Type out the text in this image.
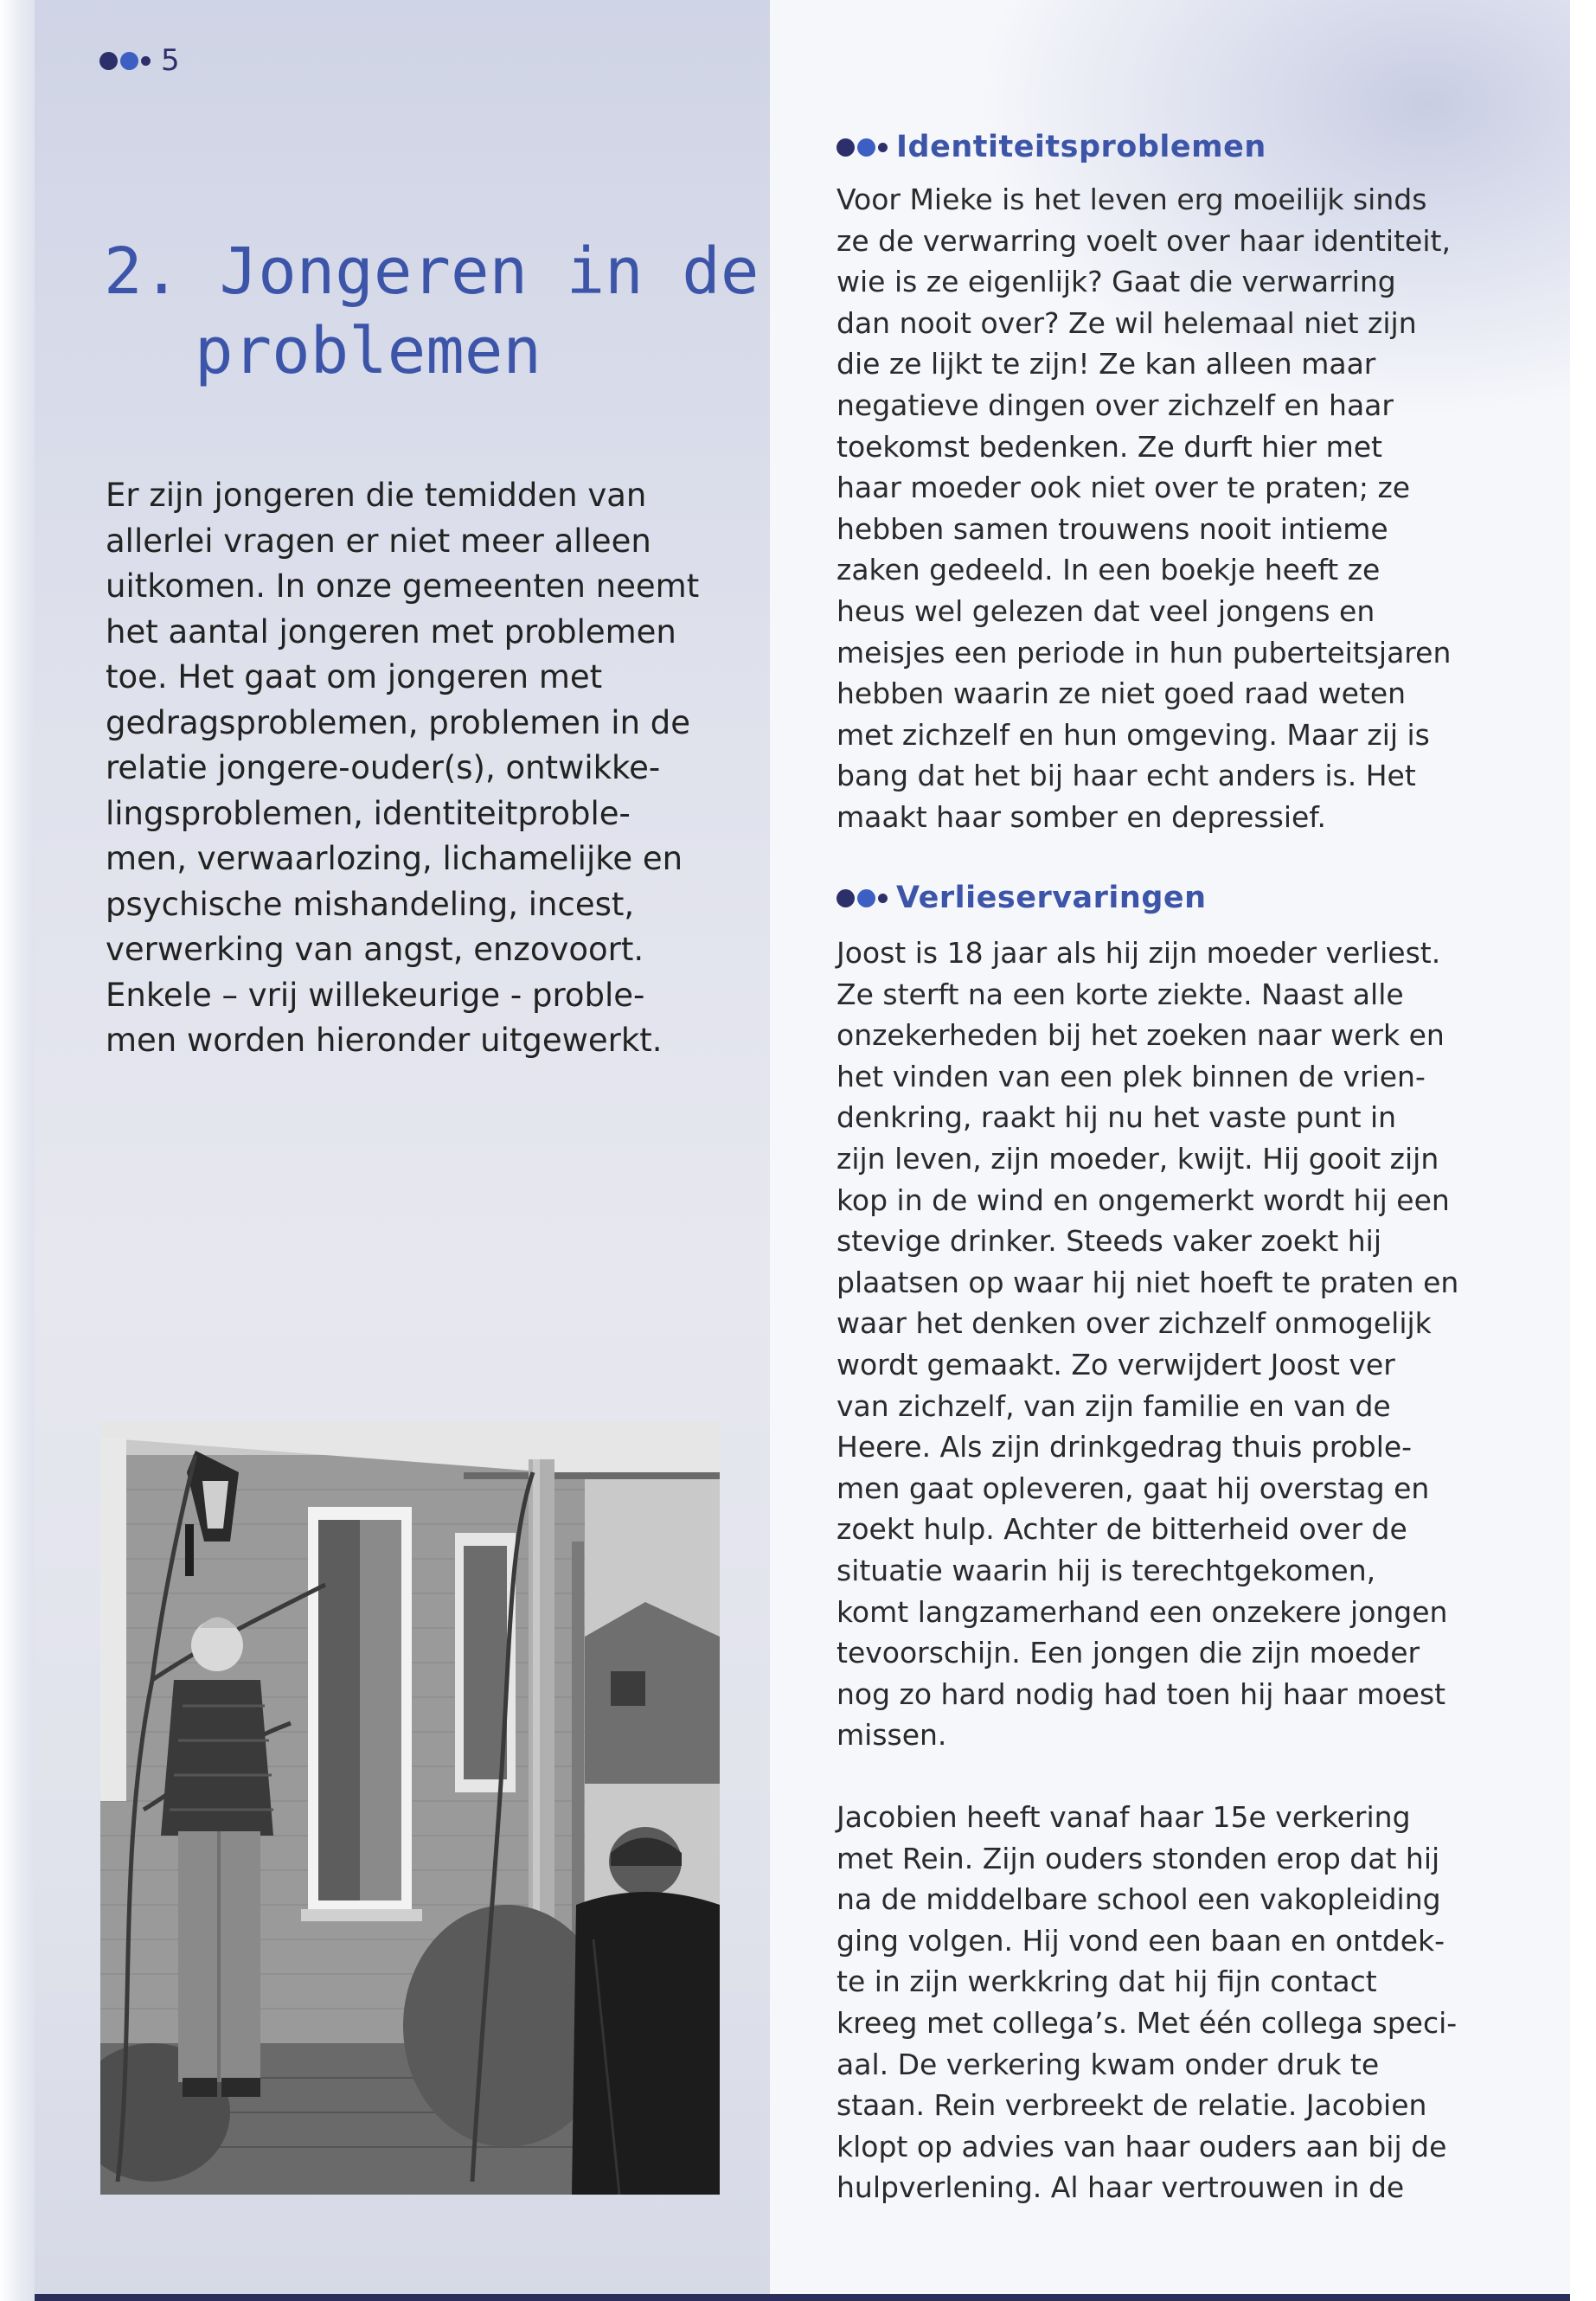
5
2. Jongeren in de
problemen
Er zijn jongeren die temidden van
allerlei vragen er niet meer alleen
uitkomen. In onze gemeenten neemt
het aantal jongeren met problemen
toe. Het gaat om jongeren met
gedragsproblemen, problemen in de
relatie jongere-ouder(s), ontwikke-
lingsproblemen, identiteitproble-
men, verwaarlozing, lichamelijke en
psychische mishandeling, incest,
verwerking van angst, enzovoort.
Enkele – vrij willekeurige - proble-
men worden hieronder uitgewerkt.
Identiteitsproblemen
Voor Mieke is het leven erg moeilijk sinds
ze de verwarring voelt over haar identiteit,
wie is ze eigenlijk? Gaat die verwarring
dan nooit over? Ze wil helemaal niet zijn
die ze lijkt te zijn! Ze kan alleen maar
negatieve dingen over zichzelf en haar
toekomst bedenken. Ze durft hier met
haar moeder ook niet over te praten; ze
hebben samen trouwens nooit intieme
zaken gedeeld. In een boekje heeft ze
heus wel gelezen dat veel jongens en
meisjes een periode in hun puberteitsjaren
hebben waarin ze niet goed raad weten
met zichzelf en hun omgeving. Maar zij is
bang dat het bij haar echt anders is. Het
maakt haar somber en depressief.
Verlieservaringen
Joost is 18 jaar als hij zijn moeder verliest.
Ze sterft na een korte ziekte. Naast alle
onzekerheden bij het zoeken naar werk en
het vinden van een plek binnen de vrien-
denkring, raakt hij nu het vaste punt in
zijn leven, zijn moeder, kwijt. Hij gooit zijn
kop in de wind en ongemerkt wordt hij een
stevige drinker. Steeds vaker zoekt hij
plaatsen op waar hij niet hoeft te praten en
waar het denken over zichzelf onmogelijk
wordt gemaakt. Zo verwijdert Joost ver
van zichzelf, van zijn familie en van de
Heere. Als zijn drinkgedrag thuis proble-
men gaat opleveren, gaat hij overstag en
zoekt hulp. Achter de bitterheid over de
situatie waarin hij is terechtgekomen,
komt langzamerhand een onzekere jongen
tevoorschijn. Een jongen die zijn moeder
nog zo hard nodig had toen hij haar moest
missen.
Jacobien heeft vanaf haar 15e verkering
met Rein. Zijn ouders stonden erop dat hij
na de middelbare school een vakopleiding
ging volgen. Hij vond een baan en ontdek-
te in zijn werkkring dat hij fijn contact
kreeg met collega’s. Met één collega speci-
aal. De verkering kwam onder druk te
staan. Rein verbreekt de relatie. Jacobien
klopt op advies van haar ouders aan bij de
hulpverlening. Al haar vertrouwen in de
